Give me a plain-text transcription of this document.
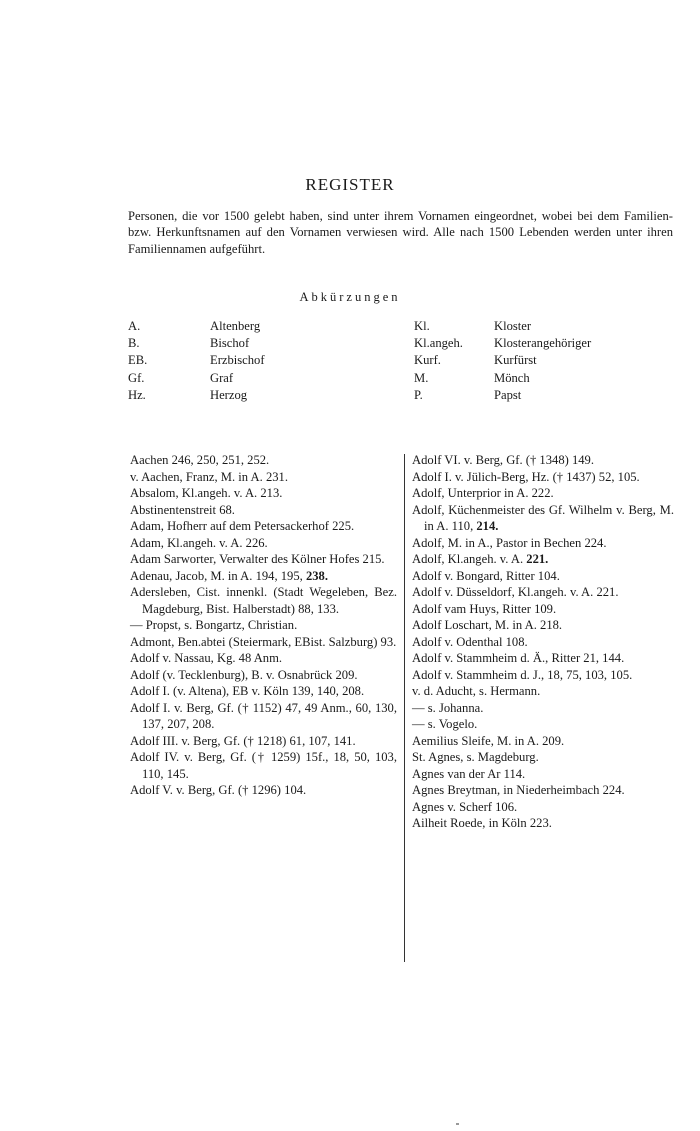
REGISTER
Personen, die vor 1500 gelebt haben, sind unter ihrem Vornamen eingeordnet, wobei bei dem Familien- bzw. Herkunftsnamen auf den Vornamen verwiesen wird. Alle nach 1500 Lebenden werden unter ihren Familiennamen aufgeführt.
Abkürzungen
A.	Altenberg
B.	Bischof
EB.	Erzbischof
Gf.	Graf
Hz.	Herzog
Kl.	Kloster
Kl.angeh.	Klosterangehöriger
Kurf.	Kurfürst
M.	Mönch
P.	Papst
Aachen 246, 250, 251, 252.
v. Aachen, Franz, M. in A. 231.
Absalom, Kl.angeh. v. A. 213.
Abstinentenstreit 68.
Adam, Hofherr auf dem Petersackerhof 225.
Adam, Kl.angeh. v. A. 226.
Adam Sarworter, Verwalter des Kölner Hofes 215.
Adenau, Jacob, M. in A. 194, 195, 238.
Adersleben, Cist. innenkl. (Stadt Wegeleben, Bez. Magdeburg, Bist. Halberstadt) 88, 133.
— Propst, s. Bongartz, Christian.
Admont, Ben.abtei (Steiermark, EBist. Salzburg) 93.
Adolf v. Nassau, Kg. 48 Anm.
Adolf (v. Tecklenburg), B. v. Osnabrück 209.
Adolf I. (v. Altena), EB v. Köln 139, 140, 208.
Adolf I. v. Berg, Gf. († 1152) 47, 49 Anm., 60, 130, 137, 207, 208.
Adolf III. v. Berg, Gf. († 1218) 61, 107, 141.
Adolf IV. v. Berg, Gf. († 1259) 15f., 18, 50, 103, 110, 145.
Adolf V. v. Berg, Gf. († 1296) 104.
Adolf VI. v. Berg, Gf. († 1348) 149.
Adolf I. v. Jülich-Berg, Hz. († 1437) 52, 105.
Adolf, Unterprior in A. 222.
Adolf, Küchenmeister des Gf. Wilhelm v. Berg, M. in A. 110, 214.
Adolf, M. in A., Pastor in Bechen 224.
Adolf, Kl.angeh. v. A. 221.
Adolf v. Bongard, Ritter 104.
Adolf v. Düsseldorf, Kl.angeh. v. A. 221.
Adolf vam Huys, Ritter 109.
Adolf Loschart, M. in A. 218.
Adolf v. Odenthal 108.
Adolf v. Stammheim d. Ä., Ritter 21, 144.
Adolf v. Stammheim d. J., 18, 75, 103, 105.
v. d. Aducht, s. Hermann.
— s. Johanna.
— s. Vogelo.
Aemilius Sleife, M. in A. 209.
St. Agnes, s. Magdeburg.
Agnes van der Ar 114.
Agnes Breytman, in Niederheimbach 224.
Agnes v. Scherf 106.
Ailheit Roede, in Köln 223.
